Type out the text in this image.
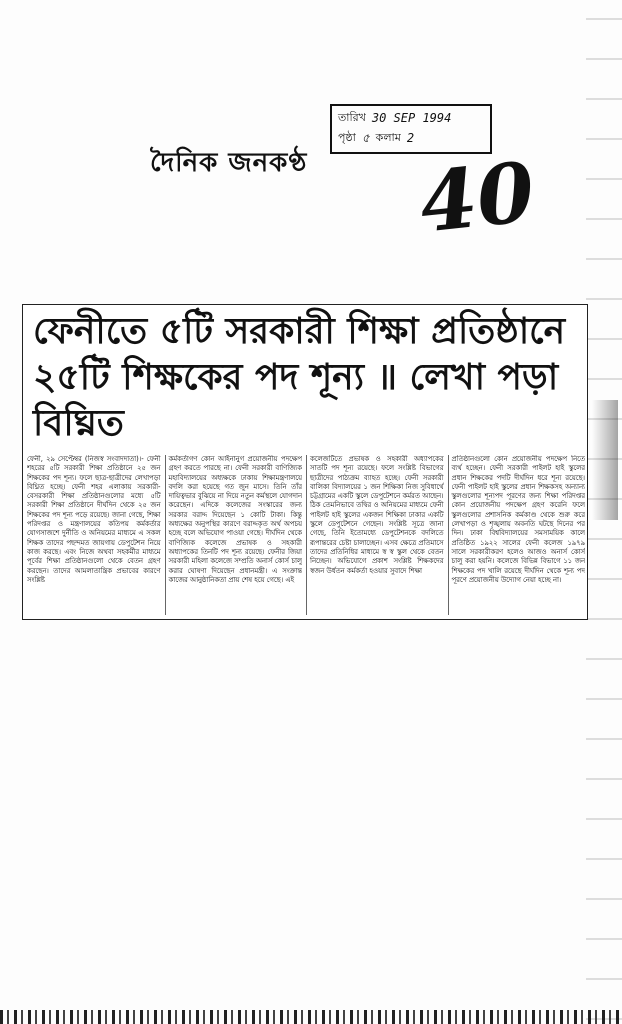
দৈনিক জনকণ্ঠ
তারিখ 30 SEP 1994
পৃষ্ঠা ৫ কলাম 2
40
ফেনীতে ৫টি সরকারী শিক্ষা প্রতিষ্ঠানে ২৫টি শিক্ষকের পদ শূন্য ॥ লেখা পড়া বিঘ্নিত
ফেনী, ২৯ সেপ্টেম্বর (নিজস্ব সংবাদদাতা)।- ফেনী শহরের ৫টি সরকারী শিক্ষা প্রতিষ্ঠানে ২৫ জন শিক্ষকের পদ শূন্য। ফলে ছাত্র-ছাত্রীদের লেখাপড়া বিঘ্নিত হচ্ছে। ফেনী শহর এলাকায় সরকারী-বেসরকারী শিক্ষা প্রতিষ্ঠানগুলোর মধ্যে ৫টি সরকারী শিক্ষা প্রতিষ্ঠানে দীর্ঘদিন থেকে ২৫ জন শিক্ষকের পদ শূন্য পড়ে রয়েছে। জানা গেছে, শিক্ষা পরিদপ্তর ও মন্ত্রণালয়ের কতিপয় কর্মকর্তার যোগসাজশে দুর্নীতি ও অনিয়মের মাধ্যমে এ সকল শিক্ষক তাদের পছন্দমত জায়গায় ডেপুটেশন নিয়ে কাজ করছে। এবং নিজে অথবা সহকর্মীর মাধ্যমে পূর্বের শিক্ষা প্রতিষ্ঠানগুলো থেকে বেতন গ্রহণ করছেন। তাদের আমলাতান্ত্রিক প্রভাবের কারণে সংশ্লিষ্ট
কর্মকর্তাগণ কোন আইনানুগ প্রয়োজনীয় পদক্ষেপ গ্রহণ করতে পারছে না। ফেনী সরকারী বাণিজ্যিক মহাবিদ্যালয়ের অধ্যক্ষকে ঢাকায় শিক্ষামন্ত্রণালয়ে বদলি করা হয়েছে গত জুন মাসে। তিনি তাঁর দায়িত্বভার বুঝিয়ে না দিয়ে নতুন কর্মস্থলে যোগদান করেছেন। এদিকে কলেজের সংস্কারের জন্য সরকার বরাদ্দ দিয়েছেন ১ কোটি টাকা। কিন্তু অধ্যক্ষের অনুপস্থির কারণে বরাদ্দকৃত অর্থ অপচয় হচ্ছে বলে অভিযোগ পাওয়া গেছে। দীর্ঘদিন থেকে বাণিজ্যিক কলেজে প্রভাষক ও সহকারী অধ্যাপকের তিনটি পদ শূন্য রয়েছে। ফেনীর জিয়া সরকারী মহিলা কলেজে সম্প্রতি অনার্স কোর্স চালু করার ঘোষণা দিয়েছেন প্রধানমন্ত্রী। এ সংক্রান্ত কাজের আনুষ্ঠানিকতা প্রায় শেষ হয়ে গেছে। এই
কলেজটিতে প্রভাষক ও সহকারী অধ্যাপকের সাতটি পদ শূন্য রয়েছে। ফলে সংশ্লিষ্ট বিভাগের ছাত্রীদের পাঠ্যক্রম ব্যাহত হচ্ছে। ফেনী সরকারী বালিকা বিদ্যালয়ের ১ জন শিক্ষিকা নিজ সুবিধার্থে চট্টগ্রামের একটি স্কুলে ডেপুটেশনে কর্মরত আছেন। ঠিক তেমনিভাবে তদ্বির ও অনিয়মের মাধ্যমে ফেনী পাইলট হাই স্কুলের একজন শিক্ষিকা ঢাকার একটি স্কুলে ডেপুটেশনে গেছেন। সংশ্লিষ্ট সূত্রে জানা গেছে, তিনি ইতোমধ্যে ডেপুটেশনকে বদলিতে রূপান্তরের চেষ্টা চালাচ্ছেন। এসব ক্ষেত্রে প্রতিমাসে তাদের প্রতিনিধির মাধ্যমে স্ব স্ব স্কুল থেকে বেতন নিচ্ছেন। অভিযোগে প্রকাশ সংশ্লিষ্ট শিক্ষকদের স্বজন উর্ধতন কর্মকর্তা হওয়ার সুবাদে শিক্ষা
প্রতিষ্ঠানগুলো কোন প্রয়োজনীয় পদক্ষেপ নিতে ব্যর্থ হচ্ছেন। ফেনী সরকারী পাইলট হাই স্কুলের প্রধান শিক্ষকের পদটি দীর্ঘদিন ধরে শূন্য রয়েছে। ফেনী পাইলট হাই স্কুলের প্রধান শিক্ষকসহ অন্যান্য স্কুলগুলোর শূন্যপদ পূরণের জন্য শিক্ষা পরিদপ্তর কোন প্রয়োজনীয় পদক্ষেপ গ্রহণ করেনি ফলে স্কুলগুলোর প্রশাসনিক কর্মকাণ্ড থেকে শুরু করে লেখাপড়া ও শৃঙ্খলায় অবনতি ঘটছে দিনের পর দিন। ঢাকা বিশ্ববিদ্যালয়ের সমসাময়িক কালে প্রতিষ্ঠিত ১৯২২ সালের ফেনী কলেজ ১৯৭৯ সালে সরকারীকরণ হলেও আজও অনার্স কোর্স চালু করা হয়নি। কলেজে বিভিন্ন বিভাগে ১১ জন শিক্ষকের পদ খালি রয়েছে দীর্ঘদিন থেকে শূন্য পদ পূরণে প্রয়োজনীয় উদ্যোগ নেয়া হচ্ছে না।
